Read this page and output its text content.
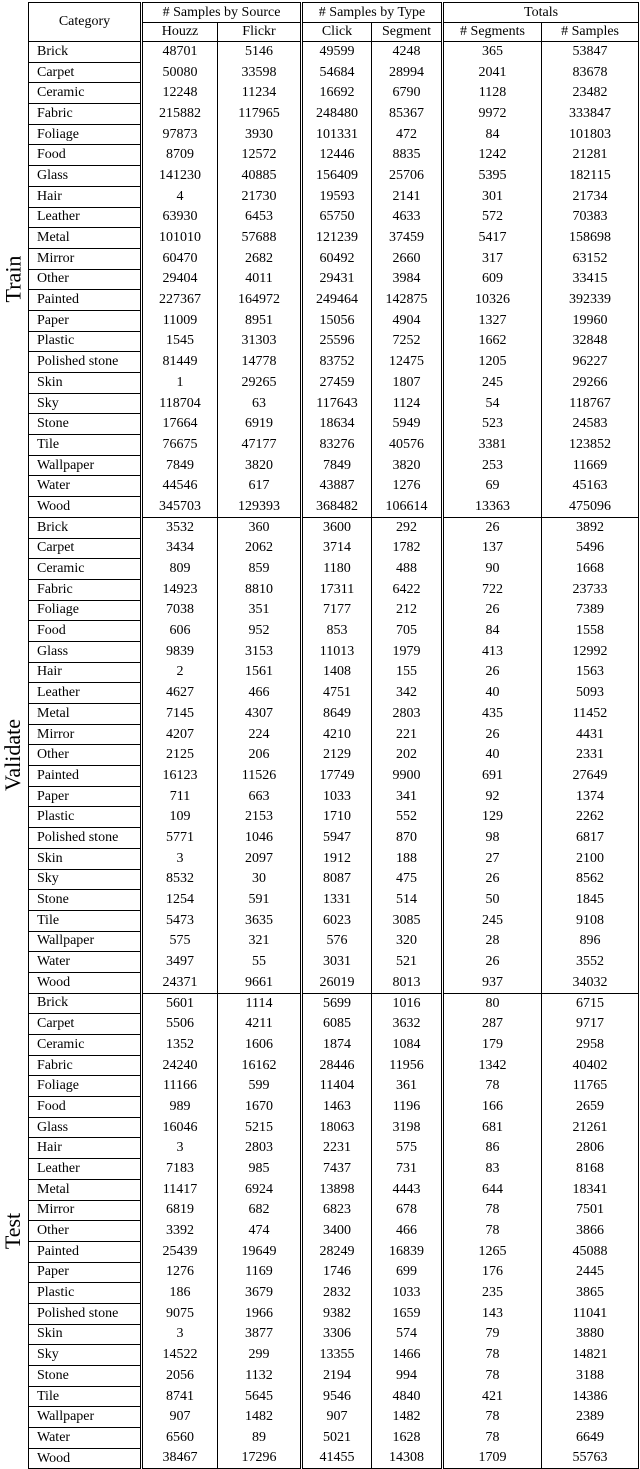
Train
Validate
Test
Category	# Samples by Source		# Samples by Type		Totals	
	Houzz	Flickr	Click	Segment	# Segments	# Samples
Brick	48701	5146	49599	4248	365	53847
Carpet	50080	33598	54684	28994	2041	83678
Ceramic	12248	11234	16692	6790	1128	23482
Fabric	215882	117965	248480	85367	9972	333847
Foliage	97873	3930	101331	472	84	101803
Food	8709	12572	12446	8835	1242	21281
Glass	141230	40885	156409	25706	5395	182115
Hair	4	21730	19593	2141	301	21734
Leather	63930	6453	65750	4633	572	70383
Metal	101010	57688	121239	37459	5417	158698
Mirror	60470	2682	60492	2660	317	63152
Other	29404	4011	29431	3984	609	33415
Painted	227367	164972	249464	142875	10326	392339
Paper	11009	8951	15056	4904	1327	19960
Plastic	1545	31303	25596	7252	1662	32848
Polished stone	81449	14778	83752	12475	1205	96227
Skin	1	29265	27459	1807	245	29266
Sky	118704	63	117643	1124	54	118767
Stone	17664	6919	18634	5949	523	24583
Tile	76675	47177	83276	40576	3381	123852
Wallpaper	7849	3820	7849	3820	253	11669
Water	44546	617	43887	1276	69	45163
Wood	345703	129393	368482	106614	13363	475096
Brick	3532	360	3600	292	26	3892
Carpet	3434	2062	3714	1782	137	5496
Ceramic	809	859	1180	488	90	1668
Fabric	14923	8810	17311	6422	722	23733
Foliage	7038	351	7177	212	26	7389
Food	606	952	853	705	84	1558
Glass	9839	3153	11013	1979	413	12992
Hair	2	1561	1408	155	26	1563
Leather	4627	466	4751	342	40	5093
Metal	7145	4307	8649	2803	435	11452
Mirror	4207	224	4210	221	26	4431
Other	2125	206	2129	202	40	2331
Painted	16123	11526	17749	9900	691	27649
Paper	711	663	1033	341	92	1374
Plastic	109	2153	1710	552	129	2262
Polished stone	5771	1046	5947	870	98	6817
Skin	3	2097	1912	188	27	2100
Sky	8532	30	8087	475	26	8562
Stone	1254	591	1331	514	50	1845
Tile	5473	3635	6023	3085	245	9108
Wallpaper	575	321	576	320	28	896
Water	3497	55	3031	521	26	3552
Wood	24371	9661	26019	8013	937	34032
Brick	5601	1114	5699	1016	80	6715
Carpet	5506	4211	6085	3632	287	9717
Ceramic	1352	1606	1874	1084	179	2958
Fabric	24240	16162	28446	11956	1342	40402
Foliage	11166	599	11404	361	78	11765
Food	989	1670	1463	1196	166	2659
Glass	16046	5215	18063	3198	681	21261
Hair	3	2803	2231	575	86	2806
Leather	7183	985	7437	731	83	8168
Metal	11417	6924	13898	4443	644	18341
Mirror	6819	682	6823	678	78	7501
Other	3392	474	3400	466	78	3866
Painted	25439	19649	28249	16839	1265	45088
Paper	1276	1169	1746	699	176	2445
Plastic	186	3679	2832	1033	235	3865
Polished stone	9075	1966	9382	1659	143	11041
Skin	3	3877	3306	574	79	3880
Sky	14522	299	13355	1466	78	14821
Stone	2056	1132	2194	994	78	3188
Tile	8741	5645	9546	4840	421	14386
Wallpaper	907	1482	907	1482	78	2389
Water	6560	89	5021	1628	78	6649
Wood	38467	17296	41455	14308	1709	55763
